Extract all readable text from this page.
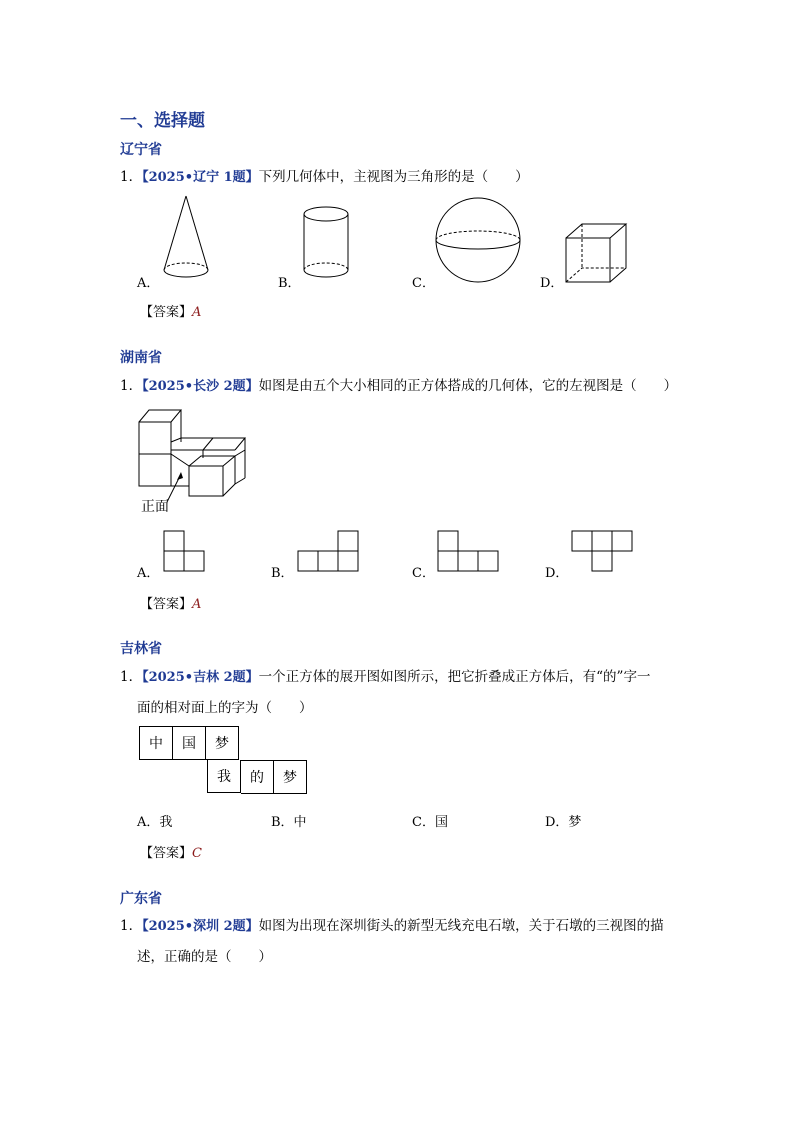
一、选择题
辽宁省
1．【2025•辽宁 1题】下列几何体中，主视图为三角形的是（　　）
A．	B．	C．	D．
【答案】A
湖南省
1．【2025•长沙 2题】如图是由五个大小相同的正方体搭成的几何体，它的左视图是（　　）
正面
A．	B．	C．	D．
【答案】A
吉林省
1．【2025•吉林 2题】一个正方体的展开图如图所示，把它折叠成正方体后，有“的”字一
面的相对面上的字为（　　）
中	国	梦
我	的	梦
A．我	B．中	C．国	D．梦
【答案】C
广东省
1．【2025•深圳 2题】如图为出现在深圳街头的新型无线充电石墩，关于石墩的三视图的描
述，正确的是（　　）
